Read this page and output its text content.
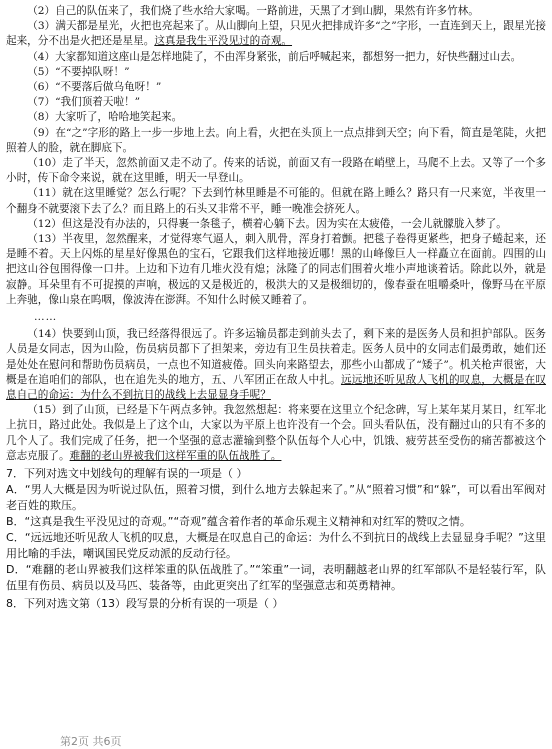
（2）自己的队伍来了，我们烧了些水给大家喝。一路前进，天黑了才到山脚，果然有许多竹林。

（3）满天都是星光，火把也亮起来了。从山脚向上望，只见火把排成许多“之”字形，一直连到天上，跟星光接起来，分不出是火把还是星星。这真是我生平没见过的奇观。

（4）大家都知道这座山是怎样地陡了，不由浑身紧张，前后呼喊起来，都想努一把力，好快些翻过山去。

（5）“不要掉队呀！”

（6）“不要落后做乌龟呀！”

（7）“我们顶着天啦！”

（8）大家听了，哈哈地笑起来。

（9）在“之”字形的路上一步一步地上去。向上看，火把在头顶上一点点排到天空；向下看，简直是笔陡，火把照着人的脸，就在脚底下。

（10）走了半天，忽然前面又走不动了。传来的话说，前面又有一段路在峭壁上，马爬不上去。又等了一个多小时，传下命令来说，就在这里睡，明天一早登山。

（11）就在这里睡觉？怎么行呢？下去到竹林里睡是不可能的。但就在路上睡么？路只有一尺来宽，半夜里一个翻身不就要滚下去了么？而且路上的石头又非常不平，睡一晚准会挤死人。

（12）但这是没有办法的，只得裹一条毯子，横着心躺下去。因为实在太疲倦，一会儿就朦胧入梦了。

（13）半夜里，忽然醒来，才觉得寒气逼人，刺入肌骨，浑身打着颤。把毯子卷得更紧些，把身子蜷起来，还是睡不着。天上闪烁的星星好像黑色的宝石，它跟我们这样地接近哪！黑的山峰像巨人一样矗立在面前。四围的山把这山谷包围得像一口井。上边和下边有几堆火没有熄；泳隆了的同志们围着火堆小声地谈着话。除此以外，就是寂静。耳朵里有不可捉摸的声响，极远的又是极近的，极洪大的又是极细切的，像春蚕在咀嚼桑叶，像野马在平原上奔驰，像山泉在呜咽，像波涛在澎湃。不知什么时候又睡着了。

……

（14）快要到山顶，我已经落得很远了。许多运输员都走到前头去了，剩下来的是医务人员和担护部队。医务人员是女同志，因为山险，伤员病员都下了担架来，旁边有卫生员扶着走。医务人员中的女同志们最勇敢，她们还是处处在慰问和帮助伤员病员，一点也不知道疲倦。回头向来路望去，那些小山都成了“矮子”。机关枪声很密，大概是在追咱们的部队，也在追先头的地方，五、八军团正在敌人中扎。远远地还听见敌人飞机的叹息，大概是在叹息自己的命运：为什么不到抗日的战线上去显显身手呢？

（15）到了山顶，已经是下午两点多钟。我忽然想起：将来要在这里立个纪念碑，写上某年某月某日，红军北上抗日，路过此处。我似是上了这个山，大家以为平原上也许没有一个会。回头看队伍，没有翻过山的只有不多的几个人了。我们完成了任务，把一个坚强的意志灌输到整个队伍每个人心中，饥饿、疲劳甚至受伤的痛苦都被这个意志克服了。难翻的老山界被我们这样军重的队伍战胜了。

7．下列对选文中划线句的理解有误的一项是（ ）

A．“男人大概是因为听说过队伍，照着习惯，到什么地方去躲起来了。”从“照着习惯”和“躲”，可以看出军阀对老百姓的欺压。

B．“这真是我生平没见过的奇观。”“奇观”蕴含着作者的革命乐观主义精神和对红军的赞叹之情。

C．“远远地还听见敌人飞机的叹息，大概是在叹息自己的命运：为什么不到抗日的战线上去显显身手呢？”这里用比喻的手法，嘲讽国民党反动派的反动行径。

D．“难翻的老山界被我们这样笨重的队伍战胜了。”“笨重”一词，表明翻越老山界的红军部队不是轻装行军，队伍里有伤员、病员以及马匹、装备等，由此更突出了红军的坚强意志和英勇精神。

8．下列对选文第（13）段写景的分析有误的一项是（ ）

第2页 共6页
